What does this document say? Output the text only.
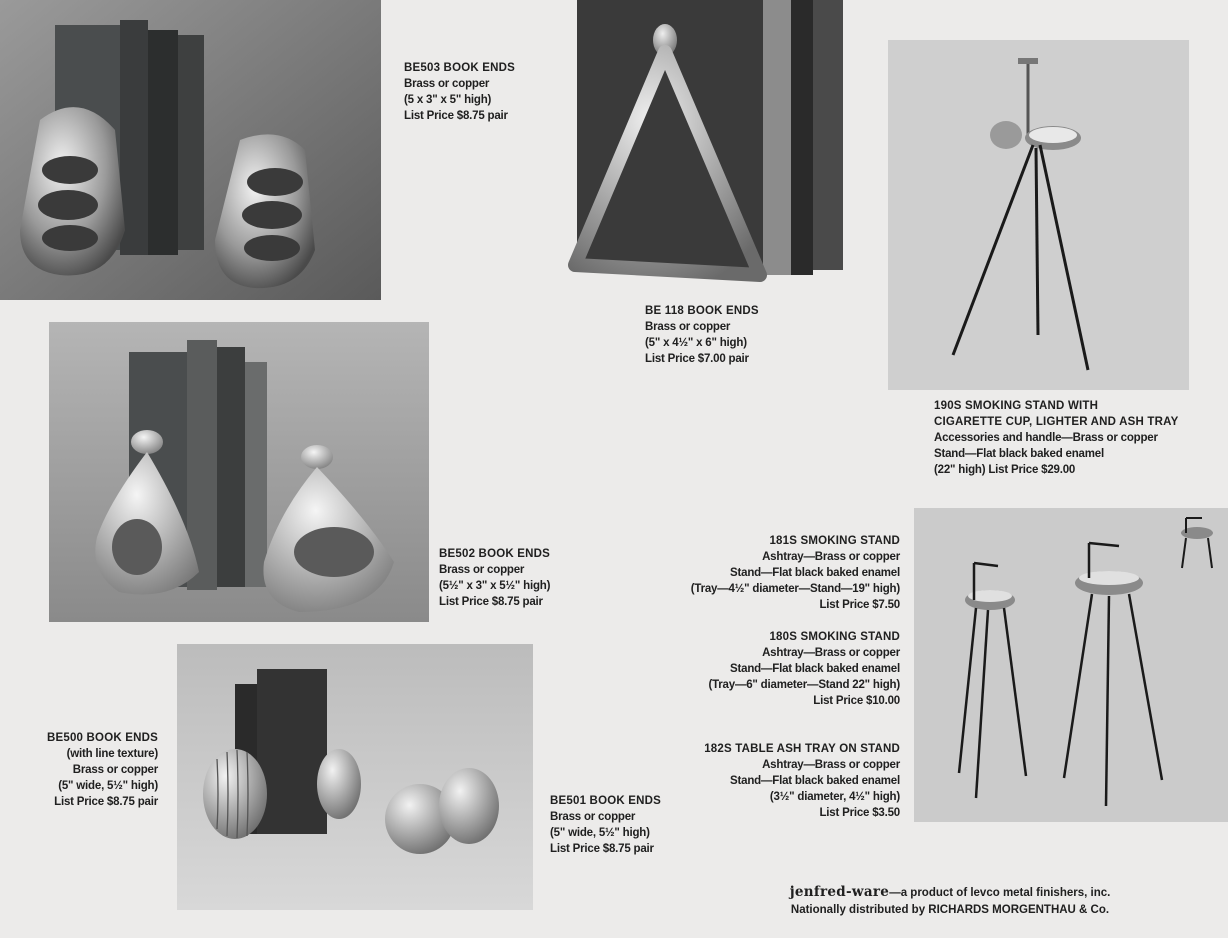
BE503 BOOK ENDS
Brass or copper
(5 x 3" x 5" high)
List Price $8.75 pair
BE 118 BOOK ENDS
Brass or copper
(5" x 4½" x 6" high)
List Price $7.00 pair
190S SMOKING STAND WITH
CIGARETTE CUP, LIGHTER AND ASH TRAY
Accessories and handle—Brass or copper
Stand—Flat black baked enamel
(22" high) List Price $29.00
BE502 BOOK ENDS
Brass or copper
(5½" x 3" x 5½" high)
List Price $8.75 pair
181S SMOKING STAND
Ashtray—Brass or copper
Stand—Flat black baked enamel
(Tray—4½" diameter—Stand—19" high)
List Price $7.50
180S SMOKING STAND
Ashtray—Brass or copper
Stand—Flat black baked enamel
(Tray—6" diameter—Stand 22" high)
List Price $10.00
182S TABLE ASH TRAY ON STAND
Ashtray—Brass or copper
Stand—Flat black baked enamel
(3½" diameter, 4½" high)
List Price $3.50
BE500 BOOK ENDS
(with line texture)
Brass or copper
(5" wide, 5½" high)
List Price $8.75 pair	BE501 BOOK ENDS
Brass or copper
(5" wide, 5½" high)
List Price $8.75 pair
jenfred-ware—a product of levco metal finishers, inc.
Nationally distributed by RICHARDS MORGENTHAU & Co.
